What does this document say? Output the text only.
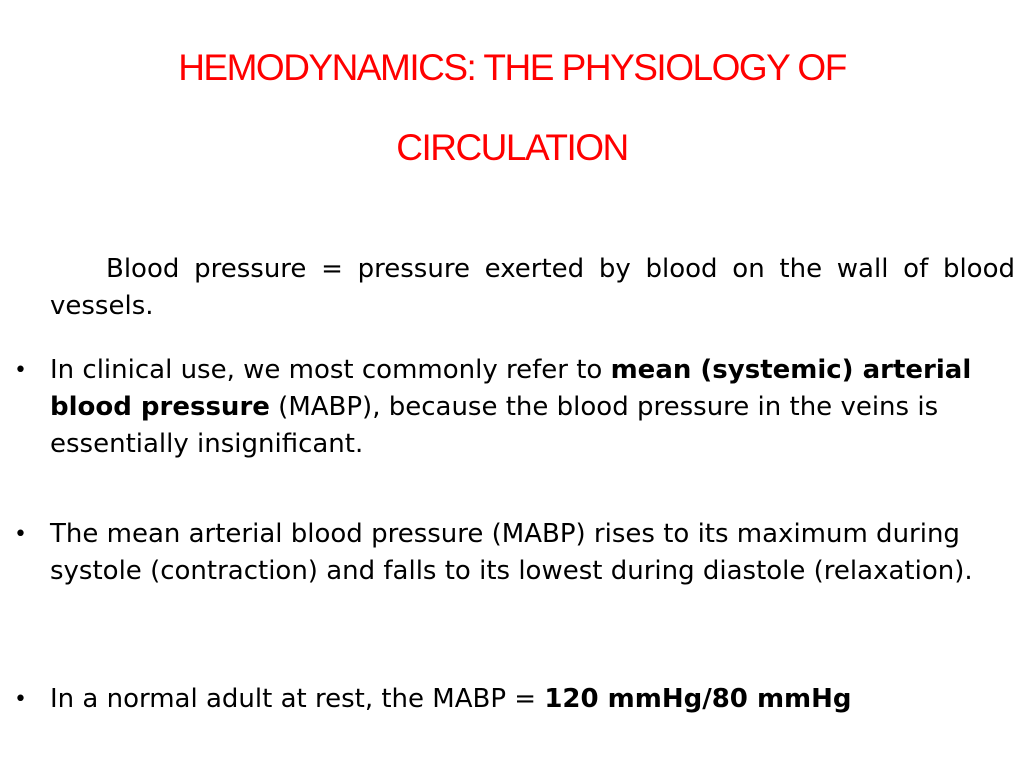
HEMODYNAMICS: THE PHYSIOLOGY OF
CIRCULATION

Blood pressure = pressure exerted by blood on the wall of blood vessels.

• In clinical use, we most commonly refer to mean (systemic) arterial blood pressure (MABP), because the blood pressure in the veins is essentially insignificant.
• The mean arterial blood pressure (MABP) rises to its maximum during systole (contraction) and falls to its lowest during diastole (relaxation).
• In a normal adult at rest, the MABP = 120 mmHg/80 mmHg
